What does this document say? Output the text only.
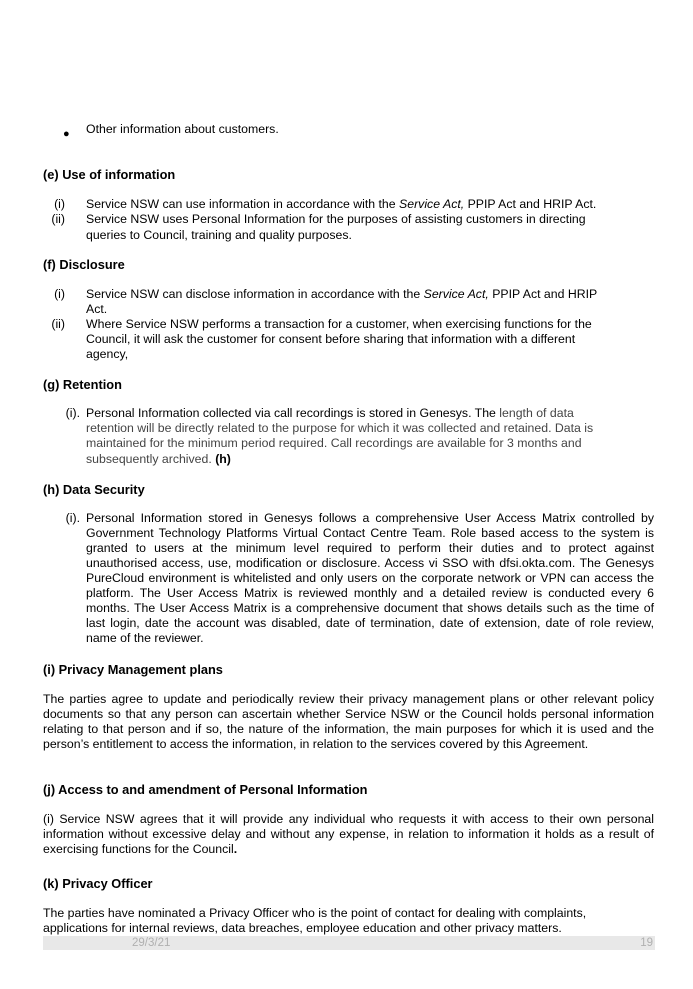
● Other information about customers.
(e) Use of information
(i) Service NSW can use information in accordance with the Service Act, PPIP Act and HRIP Act.
(ii) Service NSW uses Personal Information for the purposes of assisting customers in directing
queries to Council, training and quality purposes.
(f) Disclosure
(i) Service NSW can disclose information in accordance with the Service Act, PPIP Act and HRIP
Act.
(ii) Where Service NSW performs a transaction for a customer, when exercising functions for the
Council, it will ask the customer for consent before sharing that information with a different
agency,
(g) Retention
(i). Personal Information collected via call recordings is stored in Genesys. The length of data
retention will be directly related to the purpose for which it was collected and retained. Data is
maintained for the minimum period required. Call recordings are available for 3 months and
subsequently archived. (h)
(h) Data Security
(i). Personal Information stored in Genesys follows a comprehensive User Access Matrix controlled by Government Technology Platforms Virtual Contact Centre Team. Role based access to the system is granted to users at the minimum level required to perform their duties and to protect against unauthorised access, use, modification or disclosure. Access vi SSO with dfsi.okta.com. The Genesys PureCloud environment is whitelisted and only users on the corporate network or VPN can access the platform. The User Access Matrix is reviewed monthly and a detailed review is conducted every 6 months. The User Access Matrix is a comprehensive document that shows details such as the time of last login, date the account was disabled, date of termination, date of extension, date of role review, name of the reviewer.
(i) Privacy Management plans
The parties agree to update and periodically review their privacy management plans or other relevant policy documents so that any person can ascertain whether Service NSW or the Council holds personal information relating to that person and if so, the nature of the information, the main purposes for which it is used and the person’s entitlement to access the information, in relation to the services covered by this Agreement.
(j) Access to and amendment of Personal Information
(i) Service NSW agrees that it will provide any individual who requests it with access to their own personal information without excessive delay and without any expense, in relation to information it holds as a result of exercising functions for the Council.
(k) Privacy Officer
The parties have nominated a Privacy Officer who is the point of contact for dealing with complaints,
applications for internal reviews, data breaches, employee education and other privacy matters.
29/3/21	19
